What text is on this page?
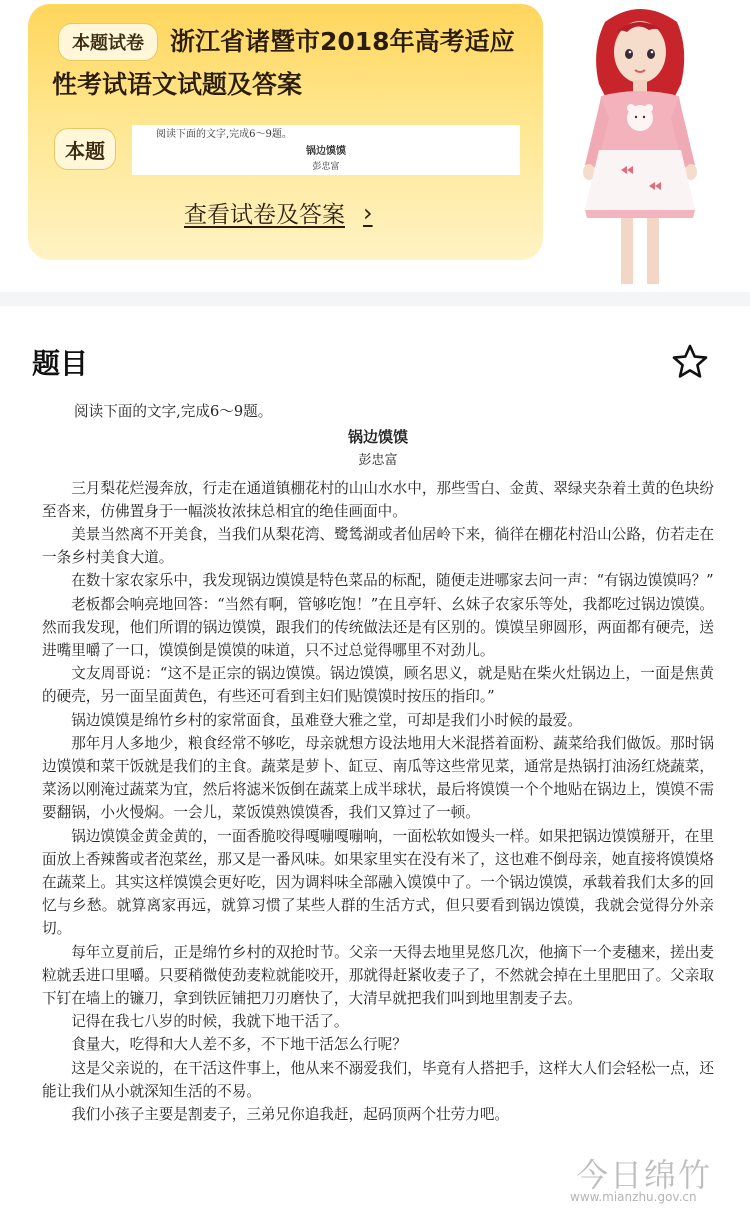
浙江省诸暨市2018年高考适应性考试语文试题及答案
本题试卷
本题
阅读下面的文字,完成6～9题。
锅边馍馍
彭忠富
查看试卷及答案 ›
题目
阅读下面的文字,完成6～9题。
锅边馍馍
彭忠富
三月梨花烂漫奔放，行走在通道镇棚花村的山山水水中，那些雪白、金黄、翠绿夹杂着土黄的色块纷至沓来，仿佛置身于一幅淡妆浓抹总相宜的绝佳画面中。
美景当然离不开美食，当我们从梨花湾、鹭鸶湖或者仙居岭下来，徜徉在棚花村沿山公路，仿若走在一条乡村美食大道。
在数十家农家乐中，我发现锅边馍馍是特色菜品的标配，随便走进哪家去问一声：“有锅边馍馍吗？”
老板都会响亮地回答：“当然有啊，管够吃饱！”在且亭轩、幺妹子农家乐等处，我都吃过锅边馍馍。然而我发现，他们所谓的锅边馍馍，跟我们的传统做法还是有区别的。馍馍呈卵圆形，两面都有硬壳，送进嘴里嚼了一口，馍馍倒是馍馍的味道，只不过总觉得哪里不对劲儿。
文友周哥说：“这不是正宗的锅边馍馍。锅边馍馍，顾名思义，就是贴在柴火灶锅边上，一面是焦黄的硬壳，另一面呈面黄色，有些还可看到主妇们贴馍馍时按压的指印。”
锅边馍馍是绵竹乡村的家常面食，虽难登大雅之堂，可却是我们小时候的最爱。
那年月人多地少，粮食经常不够吃，母亲就想方设法地用大米混搭着面粉、蔬菜给我们做饭。那时锅边馍馍和菜干饭就是我们的主食。蔬菜是萝卜、缸豆、南瓜等这些常见菜，通常是热锅打油汤红烧蔬菜，菜汤以刚淹过蔬菜为宜，然后将滤米饭倒在蔬菜上成半球状，最后将馍馍一个个地贴在锅边上，馍馍不需要翻锅，小火慢焖。一会儿，菜饭馍熟馍馍香，我们又算过了一顿。
锅边馍馍金黄金黄的，一面香脆咬得嘎嘣嘎嘣响，一面松软如馒头一样。如果把锅边馍馍掰开，在里面放上香辣酱或者泡菜丝，那又是一番风味。如果家里实在没有米了，这也难不倒母亲，她直接将馍馍烙在蔬菜上。其实这样馍馍会更好吃，因为调料味全部融入馍馍中了。一个锅边馍馍，承载着我们太多的回忆与乡愁。就算离家再远，就算习惯了某些人群的生活方式，但只要看到锅边馍馍，我就会觉得分外亲切。
每年立夏前后，正是绵竹乡村的双抢时节。父亲一天得去地里晃悠几次，他摘下一个麦穗来，搓出麦粒就丢进口里嚼。只要稍微使劲麦粒就能咬开，那就得赶紧收麦子了，不然就会掉在土里肥田了。父亲取下钉在墙上的镰刀，拿到铁匠铺把刀刃磨快了，大清早就把我们叫到地里割麦子去。
记得在我七八岁的时候，我就下地干活了。
食量大，吃得和大人差不多，不下地干活怎么行呢？
这是父亲说的，在干活这件事上，他从来不溺爱我们，毕竟有人搭把手，这样大人们会轻松一点，还能让我们从小就深知生活的不易。
我们小孩子主要是割麦子，三弟兄你追我赶，起码顶两个壮劳力吧。
今日绵竹
www.mianzhu.gov.cn
